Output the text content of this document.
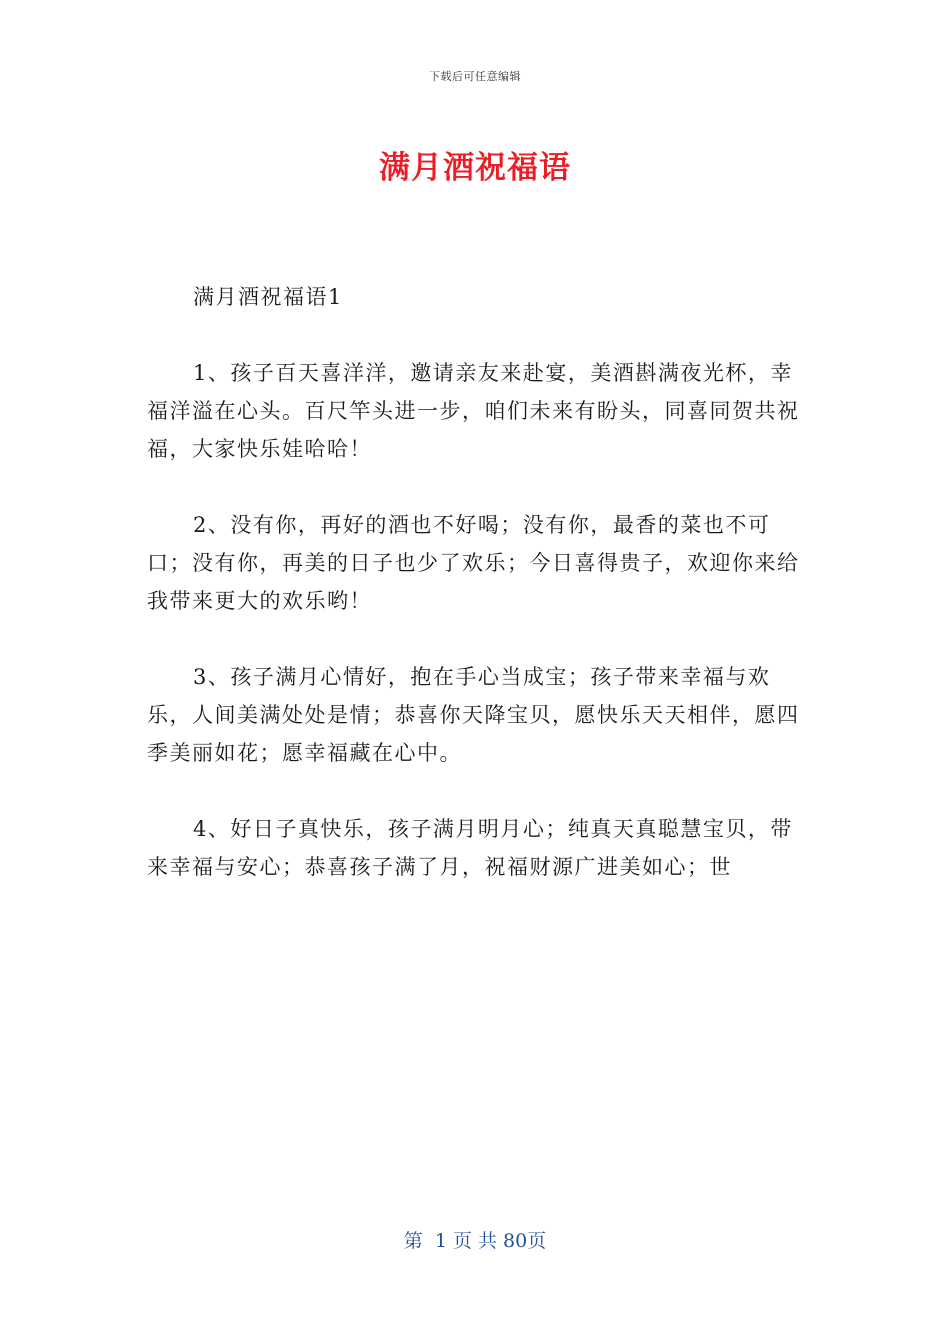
下载后可任意编辑
满月酒祝福语

满月酒祝福语1

1、孩子百天喜洋洋，邀请亲友来赴宴，美酒斟满夜光杯，幸福洋溢在心头。百尺竿头进一步，咱们未来有盼头，同喜同贺共祝福，大家快乐娃哈哈！

2、没有你，再好的酒也不好喝；没有你，最香的菜也不可口；没有你，再美的日子也少了欢乐；今日喜得贵子，欢迎你来给我带来更大的欢乐哟！

3、孩子满月心情好，抱在手心当成宝；孩子带来幸福与欢乐，人间美满处处是情；恭喜你天降宝贝，愿快乐天天相伴，愿四季美丽如花；愿幸福藏在心中。

4、好日子真快乐，孩子满月明月心；纯真天真聪慧宝贝，带来幸福与安心；恭喜孩子满了月，祝福财源广进美如心；世

第  1 页 共 80页
